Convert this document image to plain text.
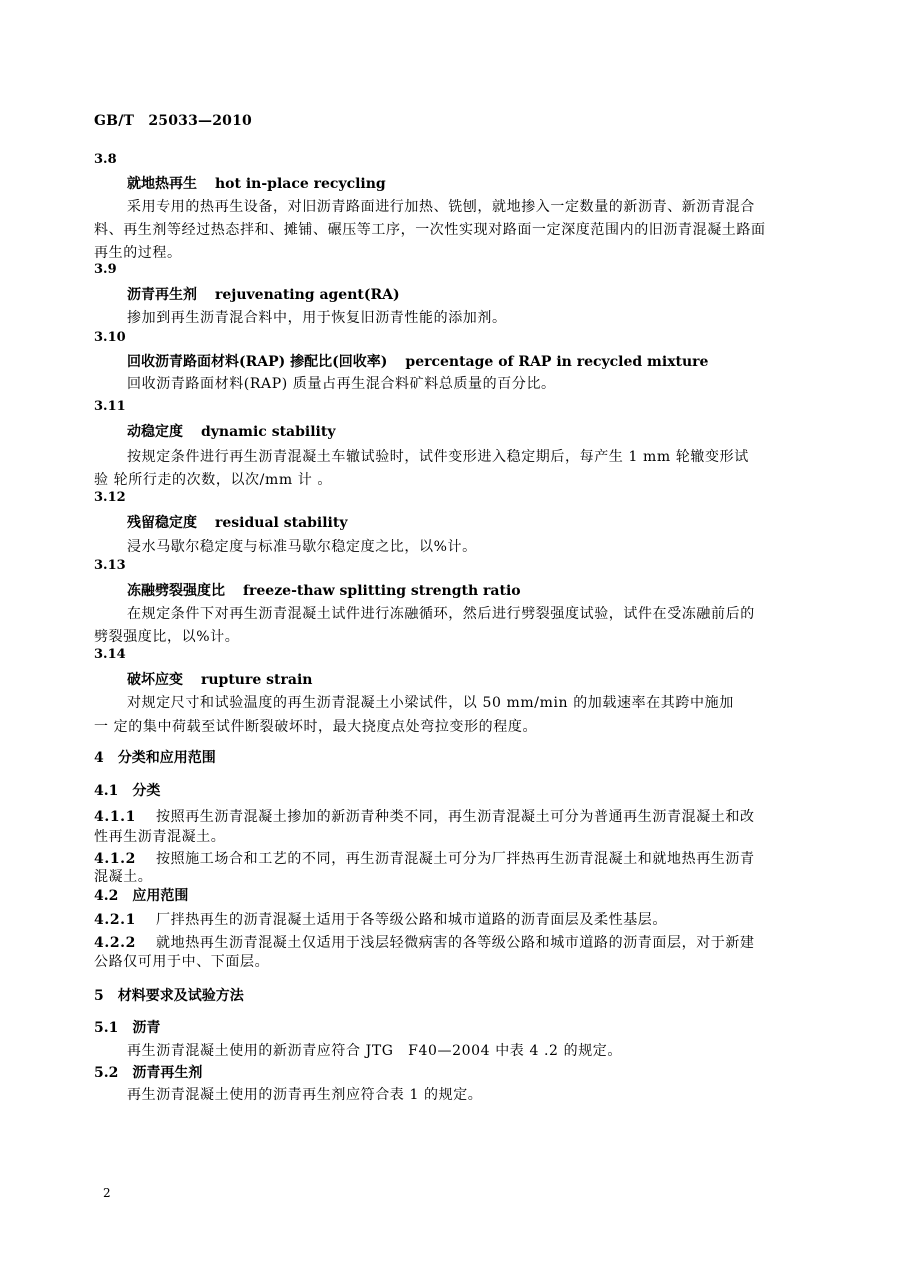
GB/T　25033—2010
3.8
就地热再生 hot in-place recycling
采用专用的热再生设备，对旧沥青路面进行加热、铣刨，就地掺入一定数量的新沥青、新沥青混合
料、再生剂等经过热态拌和、摊铺、碾压等工序，一次性实现对路面一定深度范围内的旧沥青混凝土路面
再生的过程。
3.9
沥青再生剂 rejuvenating agent(RA)
掺加到再生沥青混合料中，用于恢复旧沥青性能的添加剂。
3.10
回收沥青路面材料(RAP) 掺配比(回收率) percentage of RAP in recycled mixture
回收沥青路面材料(RAP) 质量占再生混合料矿料总质量的百分比。
3.11
动稳定度 dynamic stability
按规定条件进行再生沥青混凝土车辙试验时，试件变形进入稳定期后，每产生 1 mm 轮辙变形试
验 轮所行走的次数，以次/mm 计 。
3.12
残留稳定度 residual stability
浸水马歇尔稳定度与标准马歇尔稳定度之比，以%计。
3.13
冻融劈裂强度比 freeze-thaw splitting strength ratio
在规定条件下对再生沥青混凝土试件进行冻融循环，然后进行劈裂强度试验，试件在受冻融前后的
劈裂强度比，以%计。
3.14
破坏应变 rupture strain
对规定尺寸和试验温度的再生沥青混凝土小梁试件，以 50 mm/min 的加载速率在其跨中施加
一 定的集中荷载至试件断裂破坏时，最大挠度点处弯拉变形的程度。
4　分类和应用范围
4.1　分类
4.1.1 按照再生沥青混凝土掺加的新沥青种类不同，再生沥青混凝土可分为普通再生沥青混凝土和改
性再生沥青混凝土。
4.1.2 按照施工场合和工艺的不同，再生沥青混凝土可分为厂拌热再生沥青混凝土和就地热再生沥青
混凝土。
4.2　应用范围
4.2.1 厂拌热再生的沥青混凝土适用于各等级公路和城市道路的沥青面层及柔性基层。
4.2.2 就地热再生沥青混凝土仅适用于浅层轻微病害的各等级公路和城市道路的沥青面层，对于新建
公路仅可用于中、下面层。
5　材料要求及试验方法
5.1　沥青
再生沥青混凝土使用的新沥青应符合 JTG　F40—2004 中表 4 .2 的规定。
5.2　沥青再生剂
再生沥青混凝土使用的沥青再生剂应符合表 1 的规定。
2
